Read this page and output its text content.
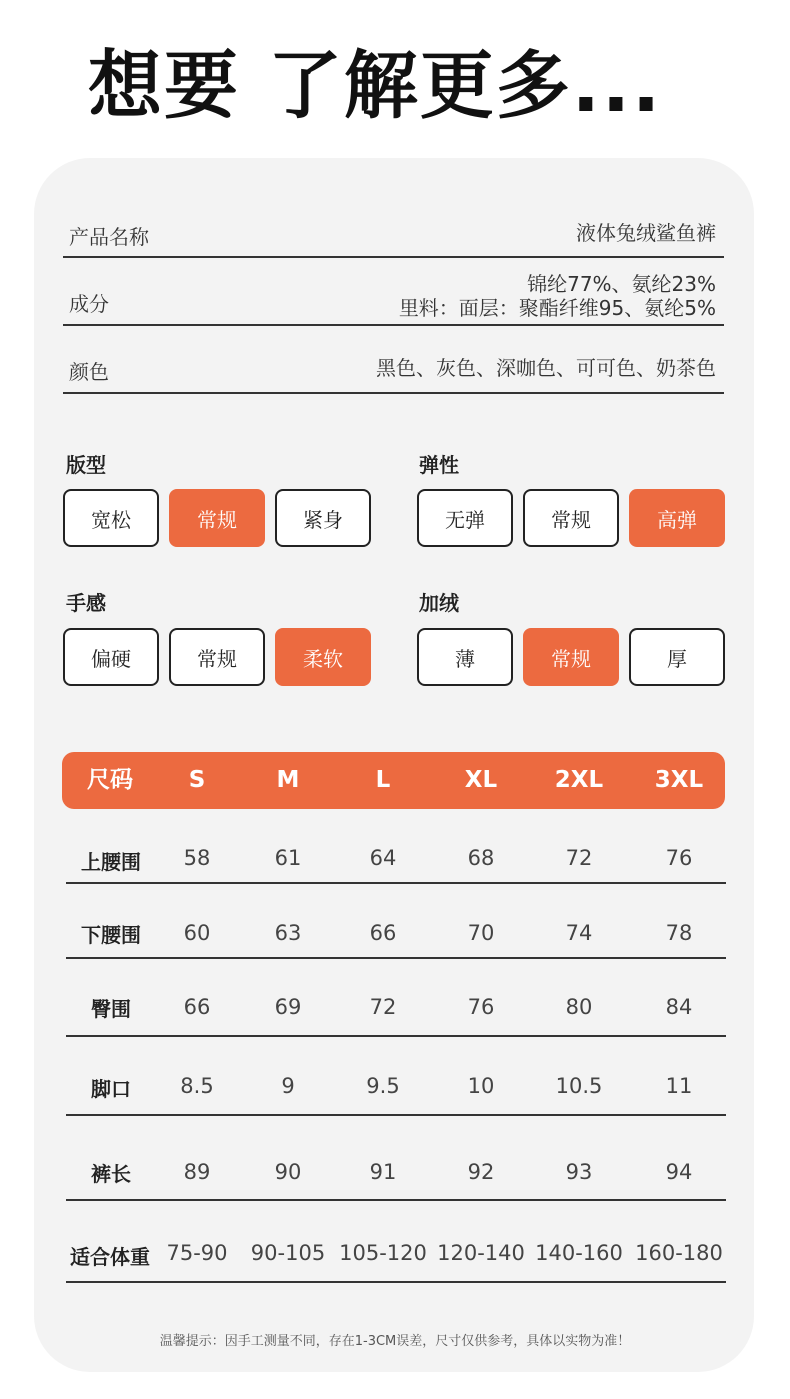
想要 了解更多...
产品名称	液体兔绒鲨鱼裤
成分
锦纶77%、氨纶23%
里料：面层：聚酯纤维95、氨纶5%
颜色	黑色、灰色、深咖色、可可色、奶茶色
版型
宽松	常规	紧身
弹性
无弹	常规	高弹
手感
偏硬	常规	柔软
加绒
薄	常规	厚
尺码	S	M	L	XL	2XL	3XL
上腰围	58	61	64	68	72	76
下腰围	60	63	66	70	74	78
臀围	66	69	72	76	80	84
脚口	8.5	9	9.5	10	10.5	11
裤长	89	90	91	92	93	94
适合体重 75-90	90-105 105-120 120-140 140-160 160-180
温馨提示：因手工测量不同，存在1-3CM误差，尺寸仅供参考，具体以实物为准！
